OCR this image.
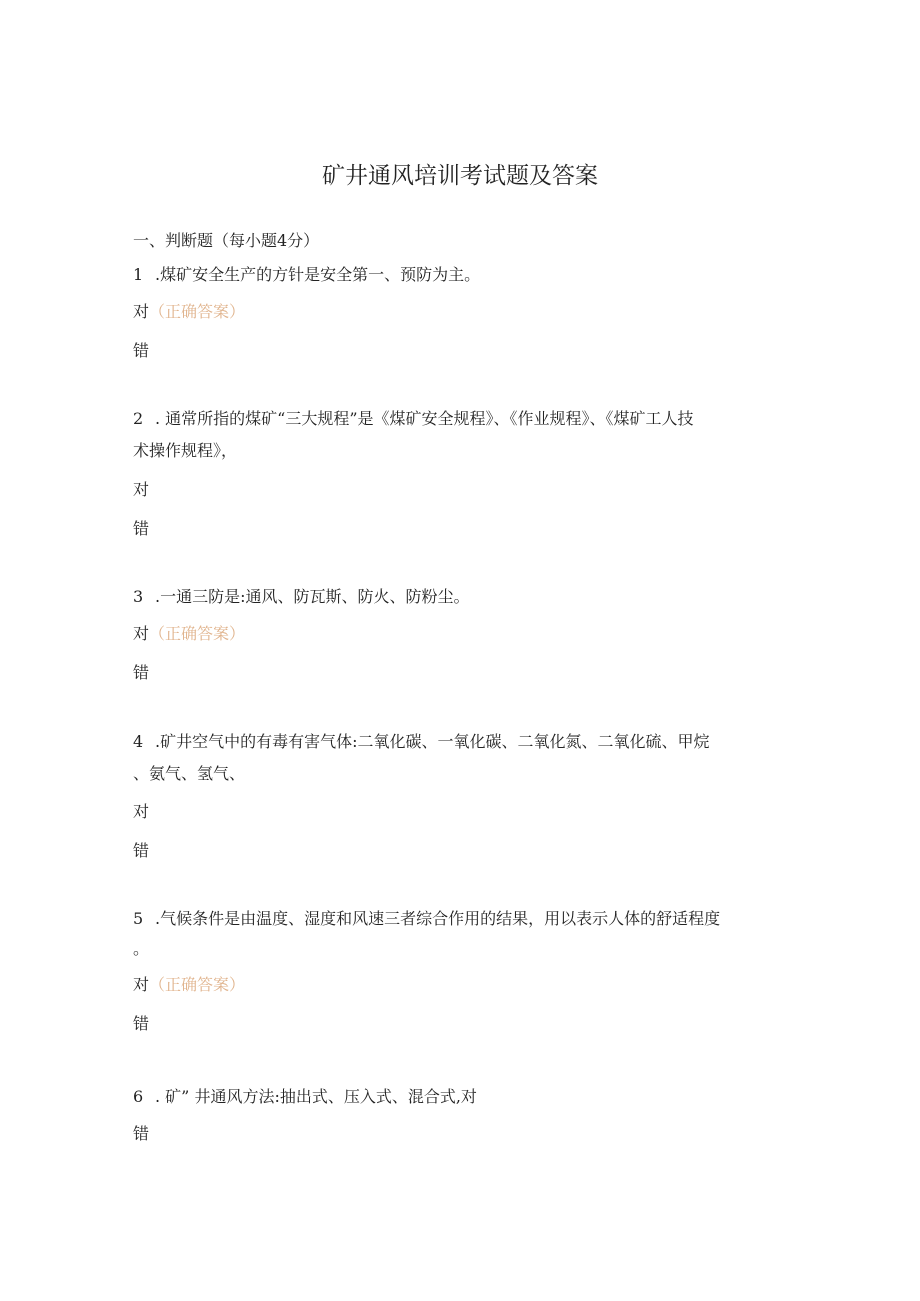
矿井通风培训考试题及答案
一、判断题（每小题4分）
1 .煤矿安全生产的方针是安全第一、预防为主。
对（正确答案）
错
2 . 通常所指的煤矿“三大规程”是《煤矿安全规程》、《作业规程》、《煤矿工人技
术操作规程》，
对
错
3 .一通三防是:通风、防瓦斯、防火、防粉尘。
对（正确答案）
错
4 .矿井空气中的有毒有害气体:二氧化碳、一氧化碳、二氧化氮、二氧化硫、甲烷
、氨气、氢气、
对
错
5 .气候条件是由温度、湿度和风速三者综合作用的结果，用以表示人体的舒适程度
。
对（正确答案）
错
6 . 矿” 井通风方法:抽出式、压入式、混合式,对
错
